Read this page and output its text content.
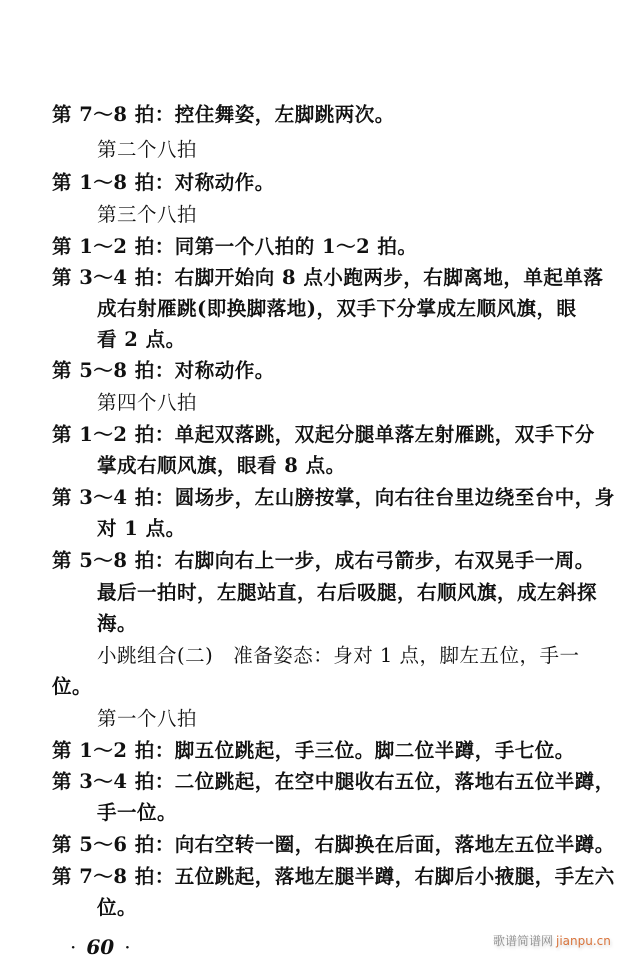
第 7～8 拍：控住舞姿，左脚跳两次。
第二个八拍
第 1～8 拍：对称动作。
第三个八拍
第 1～2 拍：同第一个八拍的 1～2 拍。
第 3～4 拍：右脚开始向 8 点小跑两步，右脚离地，单起单落
成右射雁跳(即换脚落地)，双手下分掌成左顺风旗，眼
看 2 点。
第 5～8 拍：对称动作。
第四个八拍
第 1～2 拍：单起双落跳，双起分腿单落左射雁跳，双手下分
掌成右顺风旗，眼看 8 点。
第 3～4 拍：圆场步，左山膀按掌，向右往台里边绕至台中，身
对 1 点。
第 5～8 拍：右脚向右上一步，成右弓箭步，右双晃手一周。
最后一拍时，左腿站直，右后吸腿，右顺风旗，成左斜探
海。
小跳组合(二)　准备姿态：身对 1 点，脚左五位，手一
位。
第一个八拍
第 1～2 拍：脚五位跳起，手三位。脚二位半蹲，手七位。
第 3～4 拍：二位跳起，在空中腿收右五位，落地右五位半蹲，
手一位。
第 5～6 拍：向右空转一圈，右脚换在后面，落地左五位半蹲。
第 7～8 拍：五位跳起，落地左腿半蹲，右脚后小掖腿，手左六
位。
· 60 ·	歌谱简谱网 jianpu.cn
